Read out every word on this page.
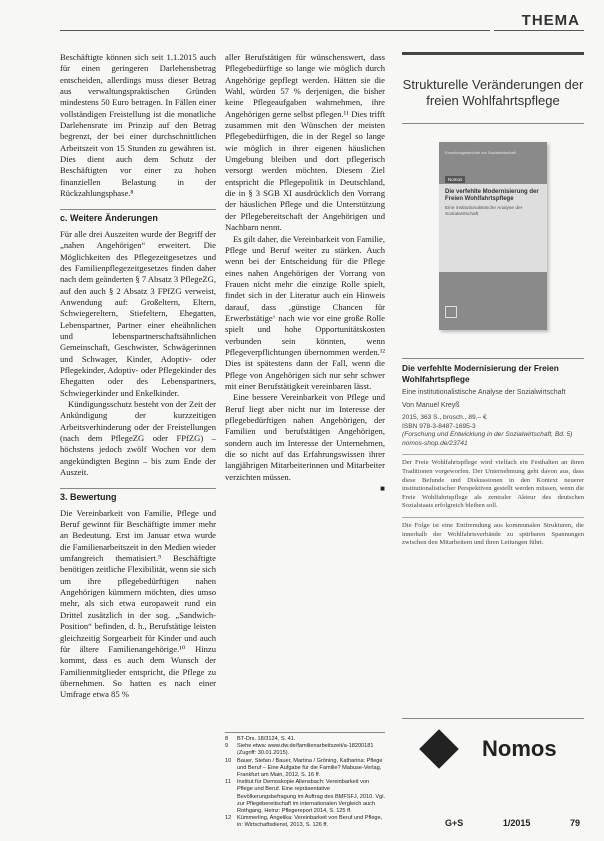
THEMA

Beschäftigte können sich seit 1.1.2015 auch für einen geringeren Darlehensbetrag entscheiden, allerdings muss dieser Betrag aus verwaltungspraktischen Gründen mindestens 50 Euro betragen. In Fällen einer vollständigen Freistellung ist die monatliche Darlehensrate im Prinzip auf den Betrag begrenzt, der bei einer durchschnittlichen Arbeitszeit von 15 Stunden zu gewähren ist. Dies dient auch dem Schutz der Beschäftigten vor einer zu hohen finanziellen Belastung in der Rückzahlungsphase.⁸

c. Weitere Änderungen

Für alle drei Auszeiten wurde der Begriff der „nahen Angehörigen“ erweitert. Die Möglichkeiten des Pflegezeitgesetzes und des Familienpflegezeitgesetzes finden daher nach dem geänderten § 7 Absatz 3 PflegeZG, auf den auch § 2 Absatz 3 FPfZG verweist, Anwendung auf: Großeltern, Eltern, Schwiegereltern, Stiefeltern, Ehegatten, Lebenspartner, Partner einer eheähnlichen und lebenspartnerschaftsähnlichen Gemeinschaft, Geschwister, Schwägerinnen und Schwager, Kinder, Adoptiv- oder Pflegekinder, Adoptiv- oder Pflegekinder des Ehegatten oder des Lebenspartners, Schwiegerkinder und Enkelkinder.

Kündigungsschutz besteht von der Zeit der Ankündigung der kurzzeitigen Arbeitsverhinderung oder der Freistellungen (nach dem PflegeZG oder FPfZG) – höchstens jedoch zwölf Wochen vor dem angekündigten Beginn – bis zum Ende der Auszeit.

3. Bewertung

Die Vereinbarkeit von Familie, Pflege und Beruf gewinnt für Beschäftigte immer mehr an Bedeutung. Erst im Januar etwa wurde die Familienarbeitszeit in den Medien wieder umfangreich thematisiert.⁹ Beschäftigte benötigen zeitliche Flexibilität, wenn sie sich um ihre pflegebedürftigen nahen Angehörigen kümmern möchten, dies umso mehr, als sich etwa europaweit rund ein Drittel zusätzlich in der sog. „Sandwich-Position“ befinden, d. h., Berufstätige leisten gleichzeitig Sorgearbeit für Kinder und auch für ältere Familienangehörige.¹⁰ Hinzu kommt, dass es auch dem Wunsch der Familienmitglieder entspricht, die Pflege zu übernehmen. So hatten es nach einer Umfrage etwa 85 %

aller Berufstätigen für wünschenswert, dass Pflegebedürftige so lange wie möglich durch Angehörige gepflegt werden. Hätten sie die Wahl, würden 57 % derjenigen, die bisher keine Pflegeaufgaben wahrnehmen, ihre Angehörigen gerne selbst pflegen.¹¹ Dies trifft zusammen mit den Wünschen der meisten Pflegebedürftigen, die in der Regel so lange wie möglich in ihrer eigenen häuslichen Umgebung bleiben und dort pflegerisch versorgt werden möchten. Diesem Ziel entspricht die Pflegepolitik in Deutschland, die in § 3 SGB XI ausdrücklich den Vorrang der häuslichen Pflege und die Unterstützung der Pflegebereitschaft der Angehörigen und Nachbarn nennt.

Es gilt daher, die Vereinbarkeit von Familie, Pflege und Beruf weiter zu stärken. Auch wenn bei der Entscheidung für die Pflege eines nahen Angehörigen der Vorrang von Frauen nicht mehr die einzige Rolle spielt, findet sich in der Literatur auch ein Hinweis darauf, dass ‚günstige Chancen für Erwerbstätige‘ nach wie vor eine große Rolle spielt und hohe Opportunitätskosten verbunden sein könnten, wenn Pflegeverpflichtungen übernommen werden.¹² Dies ist spätestens dann der Fall, wenn die Pflege von Angehörigen sich nur sehr schwer mit einer Berufstätigkeit vereinbaren lässt.

Eine bessere Vereinbarkeit von Pflege und Beruf liegt aber nicht nur im Interesse der pflegebedürftigen nahen Angehörigen, der Familien und berufstätigen Angehörigen, sondern auch im Interesse der Unternehmen, die so nicht auf das Erfahrungswissen ihrer langjährigen Mitarbeiterinnen und Mitarbeiter verzichten müssen.

■
8	BT-Drs. 18/3124, S. 41.
9	Siehe etwa: www.dw.de/familienarbeitszeit/a-18200181 (Zugriff: 30.01.2015).
10	Bauer, Stefan / Bauer, Martina / Gröning, Katharina: Pflege und Beruf – Eine Aufgabe für die Familie? Mabuse-Verlag, Frankfurt am Main, 2012, S. 16 ff.
11	Institut für Demoskopie Allensbach: Vereinbarkeit von Pflege und Beruf. Eine repräsentative Bevölkerungsbefragung im Auftrag des BMFSFJ, 2010. Vgl. zur Pflegebereitschaft im internationalen Vergleich auch Rothgang, Heinz: Pflegereport 2014, S. 125 ff.
12	Kümmerling, Angelika: Vereinbarkeit von Beruf und Pflege, in: Wirtschaftsdienst, 2013, S. 126 ff.
Strukturelle Veränderungen der freien Wohlfahrtspflege
Forschungsberichte zur Sozialwirtschaft
Nomos
Die verfehlte Modernisierung der Freien Wohlfahrtspflege
Eine institutionalistische Analyse der Sozialwirtschaft
Die verfehlte Modernisierung der Freien Wohlfahrtspflege
Eine institutionalistische Analyse der Sozialwirtschaft
Von Manuel Kreyß
2015, 363 S., brosch., 89,– €
ISBN 978-3-8487-1695-3
(Forschung und Entwicklung in der Sozialwirtschaft, Bd. 5)
nomos-shop.de/23741
Der Freie Wohlfahrtspflege wird vielfach ein Festhalten an ihren Traditionen vorgeworfen. Der Unternehmung geht davon aus, dass diese Befunde und Diskussionen in den Kontext neuerer institutionalistischer Perspektiven gestellt werden müssen, wenn die Freie Wohlfahrtspflege als zentraler Akteur des deutschen Sozialstaats erfolgreich bleiben soll.
Die Folge ist eine Entfremdung aus kommunalen Strukturen, die innerhalb der Wohlfahrtsverbände zu spürbaren Spannungen zwischen den Mitarbeitern und ihren Leitungen führt.
Nomos
G+S	1/2015	79
